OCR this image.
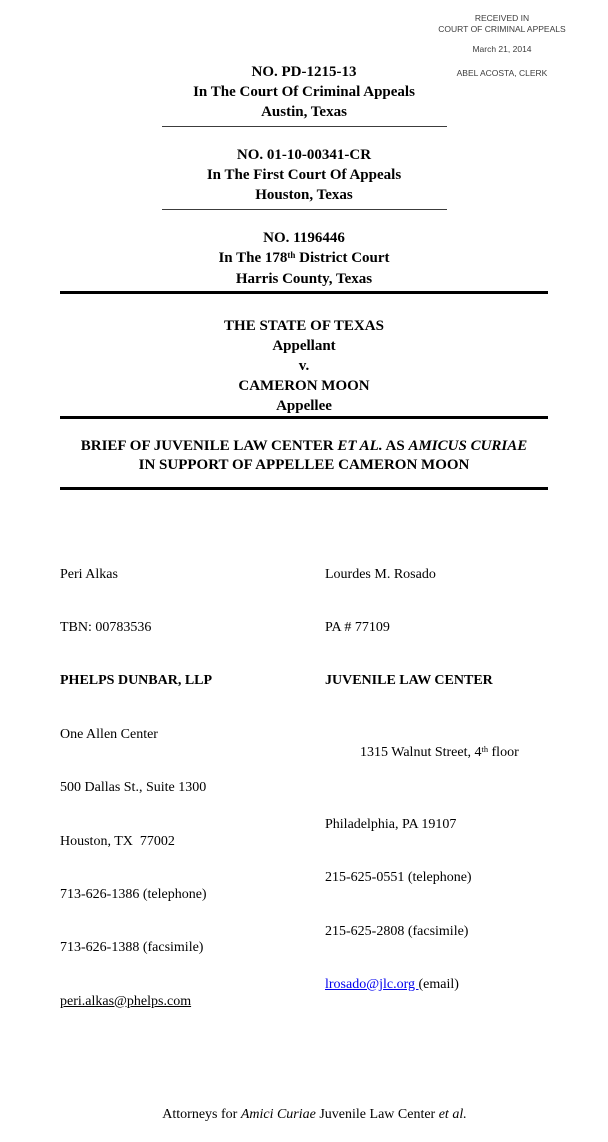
RECEIVED IN
COURT OF CRIMINAL APPEALS
March 21, 2014
ABEL ACOSTA, CLERK
NO. PD-1215-13
In The Court Of Criminal Appeals
Austin, Texas
NO. 01-10-00341-CR
In The First Court Of Appeals
Houston, Texas
NO. 1196446
In The 178th District Court
Harris County, Texas
THE STATE OF TEXAS
Appellant
v.
CAMERON MOON
Appellee
BRIEF OF JUVENILE LAW CENTER ET AL. AS AMICUS CURIAE
IN SUPPORT OF APPELLEE CAMERON MOON

Peri Alkas

TBN: 00783536

PHELPS DUNBAR, LLP

One Allen Center

500 Dallas St., Suite 1300

Houston, TX  77002

713-626-1386 (telephone)

713-626-1388 (facsimile)

peri.alkas@phelps.com

Lourdes M. Rosado

PA # 77109

JUVENILE LAW CENTER

1315 Walnut Street, 4th floor

Philadelphia, PA 19107

215-625-0551 (telephone)

215-625-2808 (facsimile)

lrosado@jlc.org (email)

Attorneys for Amici Curiae Juvenile Law Center et al.
